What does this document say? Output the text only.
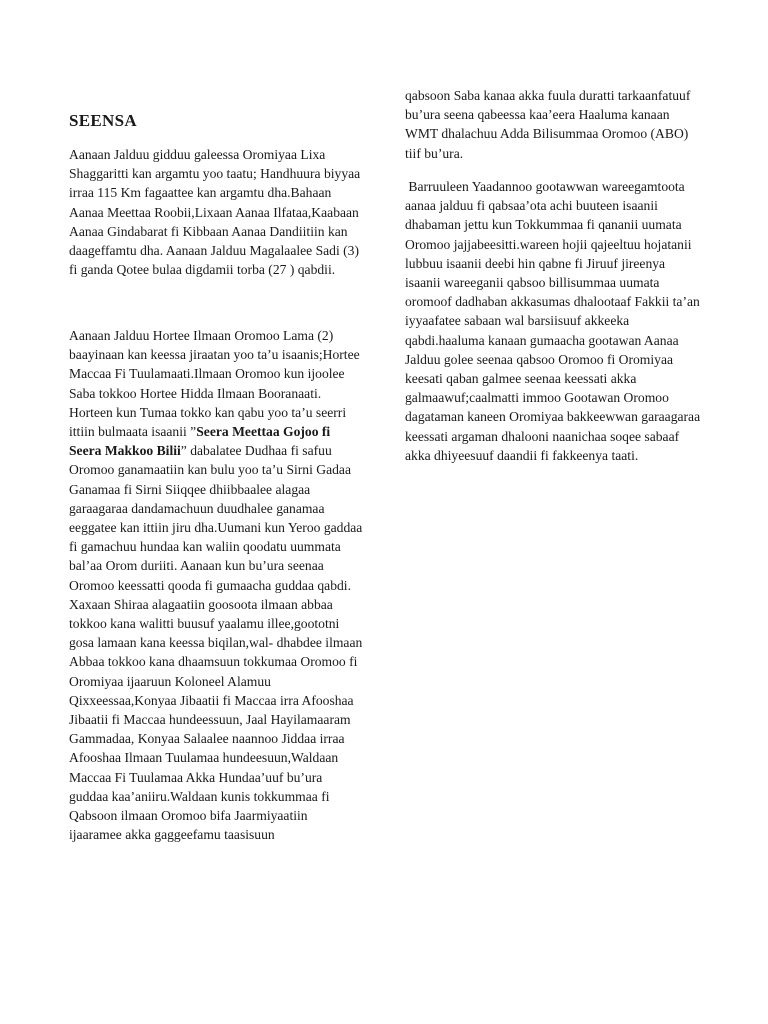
SEENSA

Aanaan Jalduu gidduu galeessa Oromiyaa Lixa Shaggaritti kan argamtu yoo taatu; Handhuura biyyaa irraa 115 Km fagaattee kan argamtu dha.Bahaan Aanaa Meettaa Roobii,Lixaan Aanaa Ilfataa,Kaabaan Aanaa Gindabarat fi Kibbaan Aanaa Dandiitiin kan daageffamtu dha. Aanaan Jalduu Magalaalee Sadi (3) fi ganda Qotee bulaa digdamii torba (27 ) qabdii.

Aanaan Jalduu Hortee Ilmaan Oromoo Lama (2) baayinaan kan keessa jiraatan yoo ta’u isaanis;Hortee Maccaa Fi Tuulamaati.Ilmaan Oromoo kun ijoolee Saba tokkoo Hortee Hidda Ilmaan Booranaati. Horteen kun Tumaa tokko kan qabu yoo ta’u seerri ittiin bulmaata isaanii ”Seera Meettaa Gojoo fi Seera Makkoo Bilii” dabalatee Dudhaa fi safuu Oromoo ganamaatiin kan bulu yoo ta’u Sirni Gadaa Ganamaa fi Sirni Siiqqee dhiibbaalee alagaa garaagaraa dandamachuun duudhalee ganamaa eeggatee kan ittiin jiru dha.Uumani kun Yeroo gaddaa fi gamachuu hundaa kan waliin qoodatu uummata bal’aa Orom duriiti. Aanaan kun bu’ura seenaa Oromoo keessatti qooda fi gumaacha guddaa qabdi. Xaxaan Shiraa alagaatiin goosoota ilmaan abbaa tokkoo kana walitti buusuf yaalamu illee,goototni gosa lamaan kana keessa biqilan,wal- dhabdee ilmaan Abbaa tokkoo kana dhaamsuun tokkumaa Oromoo fi Oromiyaa ijaaruun Koloneel Alamuu Qixxeessaa,Konyaa Jibaatii fi Maccaa irra Afooshaa Jibaatii fi Maccaa hundeessuun, Jaal Hayilamaaram Gammadaa, Konyaa Salaalee naannoo Jiddaa irraa Afooshaa Ilmaan Tuulamaa hundeesuun,Waldaan Maccaa Fi Tuulamaa Akka Hundaa’uuf bu’ura guddaa kaa’aniiru.Waldaan kunis tokkummaa fi Qabsoon ilmaan Oromoo bifa Jaarmiyaatiin ijaaramee akka gaggeefamu taasisuun

qabsoon Saba kanaa akka fuula duratti tarkaanfatuuf bu’ura seena qabeessa kaa’eera Haaluma kanaan WMT dhalachuu Adda Bilisummaa Oromoo (ABO) tiif bu’ura.

Barruuleen Yaadannoo gootawwan wareegamtoota aanaa jalduu fi qabsaa’ota achi buuteen isaanii dhabaman jettu kun Tokkummaa fi qananii uumata Oromoo jajjabeesitti.wareen hojii qajeeltuu hojatanii lubbuu isaanii deebi hin qabne fi Jiruuf jireenya isaanii wareeganii qabsoo billisummaa uumata oromoof dadhaban akkasumas dhalootaaf Fakkii ta’an iyyaafatee sabaan wal barsiisuuf akkeeka qabdi.haaluma kanaan gumaacha gootawan Aanaa Jalduu golee seenaa qabsoo Oromoo fi Oromiyaa keesati qaban galmee seenaa keessati akka galmaawuf;caalmatti immoo Gootawan Oromoo dagataman kaneen Oromiyaa bakkeewwan garaagaraa keessati argaman dhalooni naanichaa soqee sabaaf akka dhiyeesuuf daandii fi fakkeenya taati.
